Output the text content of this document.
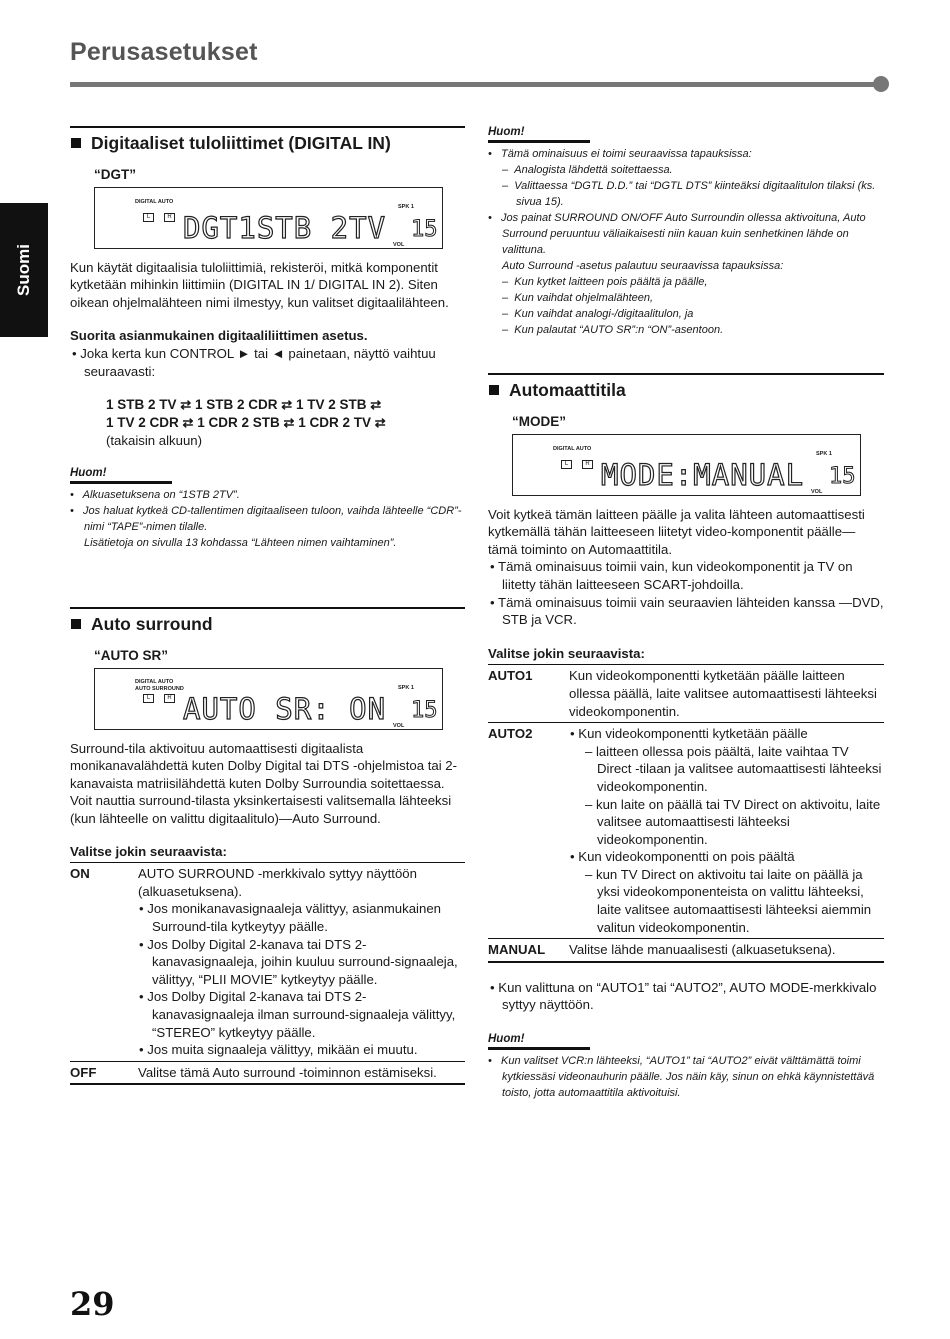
Perusasetukset
Suomi
Digitaaliset tuloliittimet (DIGITAL IN)
“DGT”
DIGITAL AUTO
SPK 1
L	R DGT1STB 2TV VOL
15

Kun käytät digitaalisia tuloliittimiä, rekisteröi, mitkä komponentit kytketään mihinkin liittimiin (DIGITAL IN 1/ DIGITAL IN 2). Siten oikean ohjelmalähteen nimi ilmestyy, kun valitset digitaalilähteen.

Suorita asianmukainen digitaaliliittimen asetus.

• Joka kerta kun CONTROL ► tai ◄ painetaan, näyttö vaihtuu seuraavasti:

1 STB 2 TV ⇄ 1 STB 2 CDR ⇄ 1 TV 2 STB ⇄
1 TV 2 CDR ⇄ 1 CDR 2 STB ⇄ 1 CDR 2 TV ⇄
(takaisin alkuun)
Huom!
•   Alkuasetuksena on “1STB 2TV”.
•   Jos haluat kytkeä CD-tallentimen digitaaliseen tuloon, vaihda lähteelle “CDR”-nimi “TAPE”-nimen tilalle.
Lisätietoja on sivulla 13 kohdassa “Lähteen nimen vaihtaminen”.
Auto surround
“AUTO SR”
DIGITAL AUTO
AUTO SURROUND	SPK 1
L	R AUTO SR: ON VOL
15

Surround-tila aktivoituu automaattisesti digitaalista monikanavalähdettä kuten Dolby Digital tai DTS -ohjelmistoa tai 2-kanavaista matriisilähdettä kuten Dolby Surroundia soitettaessa.

Voit nauttia surround-tilasta yksinkertaisesti valitsemalla lähteeksi (kun lähteelle on valittu digitaalitulo)—Auto Surround.

Valitse jokin seuraavista:

ON	AUTO SURROUND -merkkivalo syttyy näyttöön (alkuasetuksena).
• Jos monikanavasignaaleja välittyy, asianmukainen Surround-tila kytkeytyy päälle.
• Jos Dolby Digital 2-kanava tai DTS 2-kanavasignaaleja, joihin kuuluu surround-signaaleja, välittyy, “PLII MOVIE” kytkeytyy päälle.
• Jos Dolby Digital 2-kanava tai DTS 2-kanavasignaaleja ilman surround-signaaleja välittyy, “STEREO” kytkeytyy päälle.
• Jos muita signaaleja välittyy, mikään ei muutu.

OFF	Valitse tämä Auto surround -toiminnon estämiseksi.
Huom!
•   Tämä ominaisuus ei toimi seuraavissa tapauksissa:
–  Analogista lähdettä soitettaessa.
–  Valittaessa “DGTL D.D.” tai “DGTL DTS” kiinteäksi digitaalitulon tilaksi (ks. sivua 15).
•   Jos painat SURROUND ON/OFF Auto Surroundin ollessa aktivoituna, Auto Surround peruuntuu väliaikaisesti niin kauan kuin senhetkinen lähde on valittuna.
Auto Surround -asetus palautuu seuraavissa tapauksissa:
–  Kun kytket laitteen pois päältä ja päälle,
–  Kun vaihdat ohjelmalähteen,
–  Kun vaihdat analogi-/digitaalitulon, ja
–  Kun palautat “AUTO SR”:n “ON”-asentoon.
Automaattitila
“MODE”
DIGITAL AUTO
SPK 1
L	R MODE:MANUAL VOL
15

Voit kytkeä tämän laitteen päälle ja valita lähteen automaattisesti kytkemällä tähän laitteeseen liitetyt video-komponentit päälle—tämä toiminto on Automaattitila.

• Tämä ominaisuus toimii vain, kun videokomponentit ja TV on liitetty tähän laitteeseen SCART-johdoilla.

• Tämä ominaisuus toimii vain seuraavien lähteiden kanssa —DVD, STB ja VCR.

Valitse jokin seuraavista:

AUTO1	Kun videokomponentti kytketään päälle laitteen ollessa päällä, laite valitsee automaattisesti lähteeksi videokomponentin.
AUTO2	• Kun videokomponentti kytketään päälle
– laitteen ollessa pois päältä, laite vaihtaa TV Direct -tilaan ja valitsee automaattisesti lähteeksi videokomponentin.
– kun laite on päällä tai TV Direct on aktivoitu, laite valitsee automaattisesti lähteeksi videokomponentin.
• Kun videokomponentti on pois päältä
– kun TV Direct on aktivoitu tai laite on päällä ja yksi videokomponenteista on valittu lähteeksi, laite valitsee automaattisesti lähteeksi aiemmin valitun videokomponentin.

MANUAL	Valitse lähde manuaalisesti (alkuasetuksena).

• Kun valittuna on “AUTO1” tai “AUTO2”, AUTO MODE-merkkivalo syttyy näyttöön.

Huom!
•   Kun valitset VCR:n lähteeksi, “AUTO1” tai “AUTO2” eivät välttämättä toimi kytkiessäsi videonauhurin päälle. Jos näin käy, sinun on ehkä käynnistettävä toisto, jotta automaattitila aktivoituisi.
29
